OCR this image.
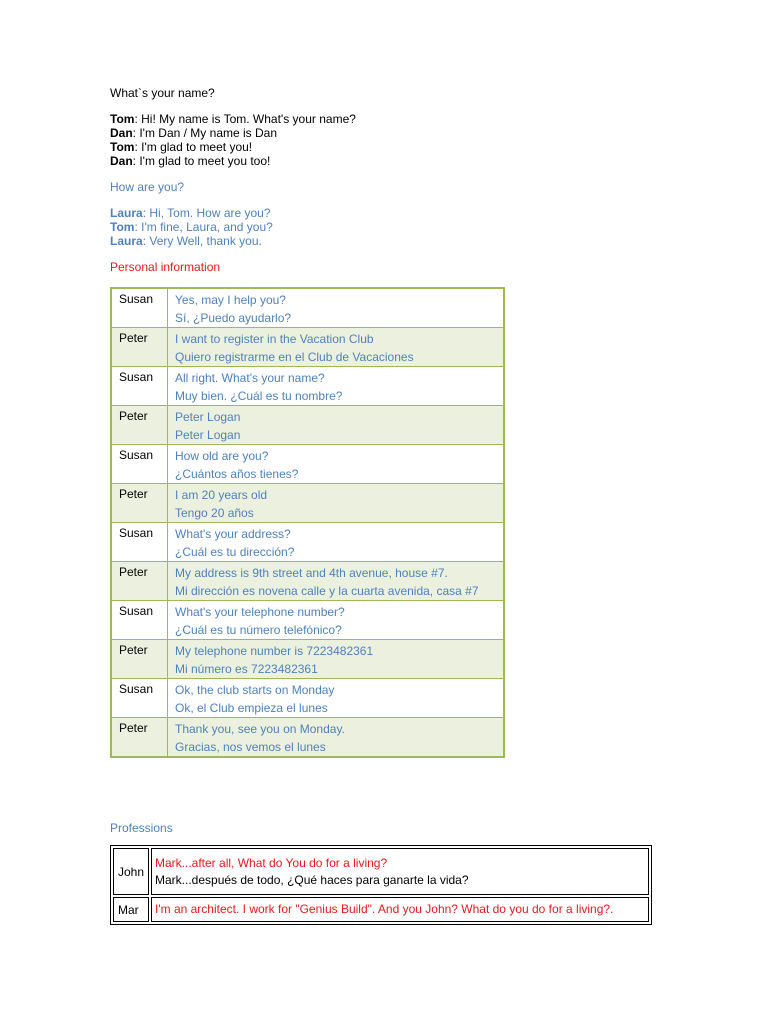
What`s your name?
Tom: Hi! My name is Tom. What's your name?
Dan: I'm Dan / My name is Dan
Tom: I'm glad to meet you!
Dan: I'm glad to meet you too!
How are you?
Laura: Hi, Tom. How are you?
Tom: I'm fine, Laura, and you?
Laura: Very Well, thank you.
Personal information
Susan	Yes, may I help you?
Sí, ¿Puedo ayudarlo?

Peter	I want to register in the Vacation Club
Quiero registrarme en el Club de Vacaciones

Susan	All right. What's your name?
Muy bien. ¿Cuál es tu nombre?

Peter	Peter Logan
Peter Logan

Susan	How old are you?
¿Cuántos años tienes?

Peter	I am 20 years old
Tengo 20 años

Susan	What's your address?
¿Cuál es tu dirección?

Peter	My address is 9th street and 4th avenue, house #7.
Mi dirección es novena calle y la cuarta avenida, casa #7

Susan	What's your telephone number?
¿Cuál es tu número telefónico?

Peter	My telephone number is 7223482361
Mi número es 7223482361

Susan	Ok, the club starts on Monday
Ok, el Club empieza el lunes

Peter	Thank you, see you on Monday.
Gracias, nos vemos el lunes
Professions
John	Mark...after all, What do You do for a living?
Mark...después de todo, ¿Qué haces para ganarte la vida?

Mar	I'm an architect. I work for "Genius Build". And you John? What do you do for a living?.
